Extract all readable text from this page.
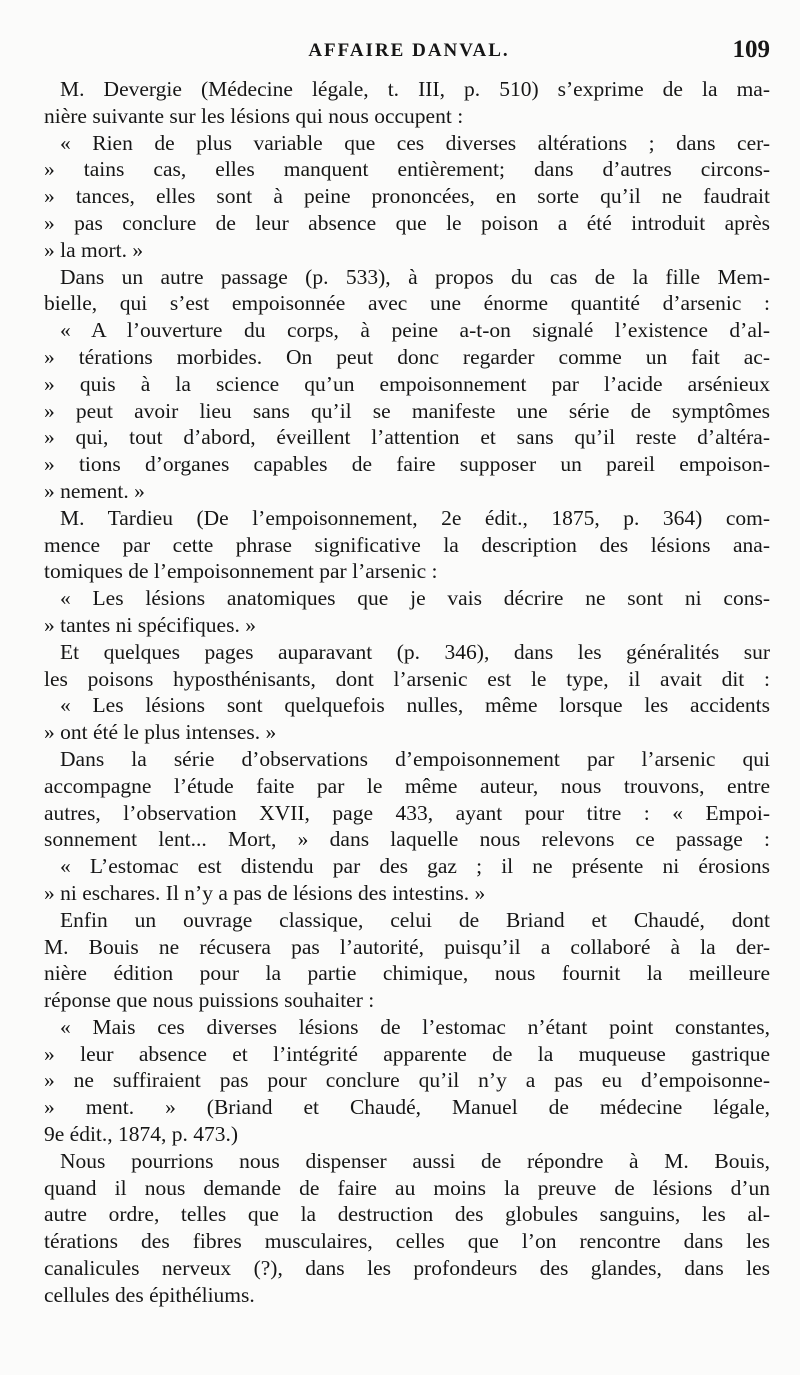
AFFAIRE DANVAL.	109
M. Devergie (Médecine légale, t. III, p. 510) s’exprime de la ma-
nière suivante sur les lésions qui nous occupent :
« Rien de plus variable que ces diverses altérations ; dans cer-
» tains cas, elles manquent entièrement; dans d’autres circons-
» tances, elles sont à peine prononcées, en sorte qu’il ne faudrait
» pas conclure de leur absence que le poison a été introduit après
» la mort. »
Dans un autre passage (p. 533), à propos du cas de la fille Mem-
bielle, qui s’est empoisonnée avec une énorme quantité d’arsenic :
« A l’ouverture du corps, à peine a-t-on signalé l’existence d’al-
» térations morbides. On peut donc regarder comme un fait ac-
» quis à la science qu’un empoisonnement par l’acide arsénieux
» peut avoir lieu sans qu’il se manifeste une série de symptômes
» qui, tout d’abord, éveillent l’attention et sans qu’il reste d’altéra-
» tions d’organes capables de faire supposer un pareil empoison-
» nement. »
M. Tardieu (De l’empoisonnement, 2e édit., 1875, p. 364) com-
mence par cette phrase significative la description des lésions ana-
tomiques de l’empoisonnement par l’arsenic :
« Les lésions anatomiques que je vais décrire ne sont ni cons-
» tantes ni spécifiques. »
Et quelques pages auparavant (p. 346), dans les généralités sur
les poisons hyposthénisants, dont l’arsenic est le type, il avait dit :
« Les lésions sont quelquefois nulles, même lorsque les accidents
» ont été le plus intenses. »
Dans la série d’observations d’empoisonnement par l’arsenic qui
accompagne l’étude faite par le même auteur, nous trouvons, entre
autres, l’observation XVII, page 433, ayant pour titre : « Empoi-
sonnement lent... Mort, » dans laquelle nous relevons ce passage :
« L’estomac est distendu par des gaz ; il ne présente ni érosions
» ni eschares. Il n’y a pas de lésions des intestins. »
Enfin un ouvrage classique, celui de Briand et Chaudé, dont
M. Bouis ne récusera pas l’autorité, puisqu’il a collaboré à la der-
nière édition pour la partie chimique, nous fournit la meilleure
réponse que nous puissions souhaiter :
« Mais ces diverses lésions de l’estomac n’étant point constantes,
» leur absence et l’intégrité apparente de la muqueuse gastrique
» ne suffiraient pas pour conclure qu’il n’y a pas eu d’empoisonne-
» ment. » (Briand et Chaudé, Manuel de médecine légale,
9e édit., 1874, p. 473.)
Nous pourrions nous dispenser aussi de répondre à M. Bouis,
quand il nous demande de faire au moins la preuve de lésions d’un
autre ordre, telles que la destruction des globules sanguins, les al-
térations des fibres musculaires, celles que l’on rencontre dans les
canalicules nerveux (?), dans les profondeurs des glandes, dans les
cellules des épithéliums.
